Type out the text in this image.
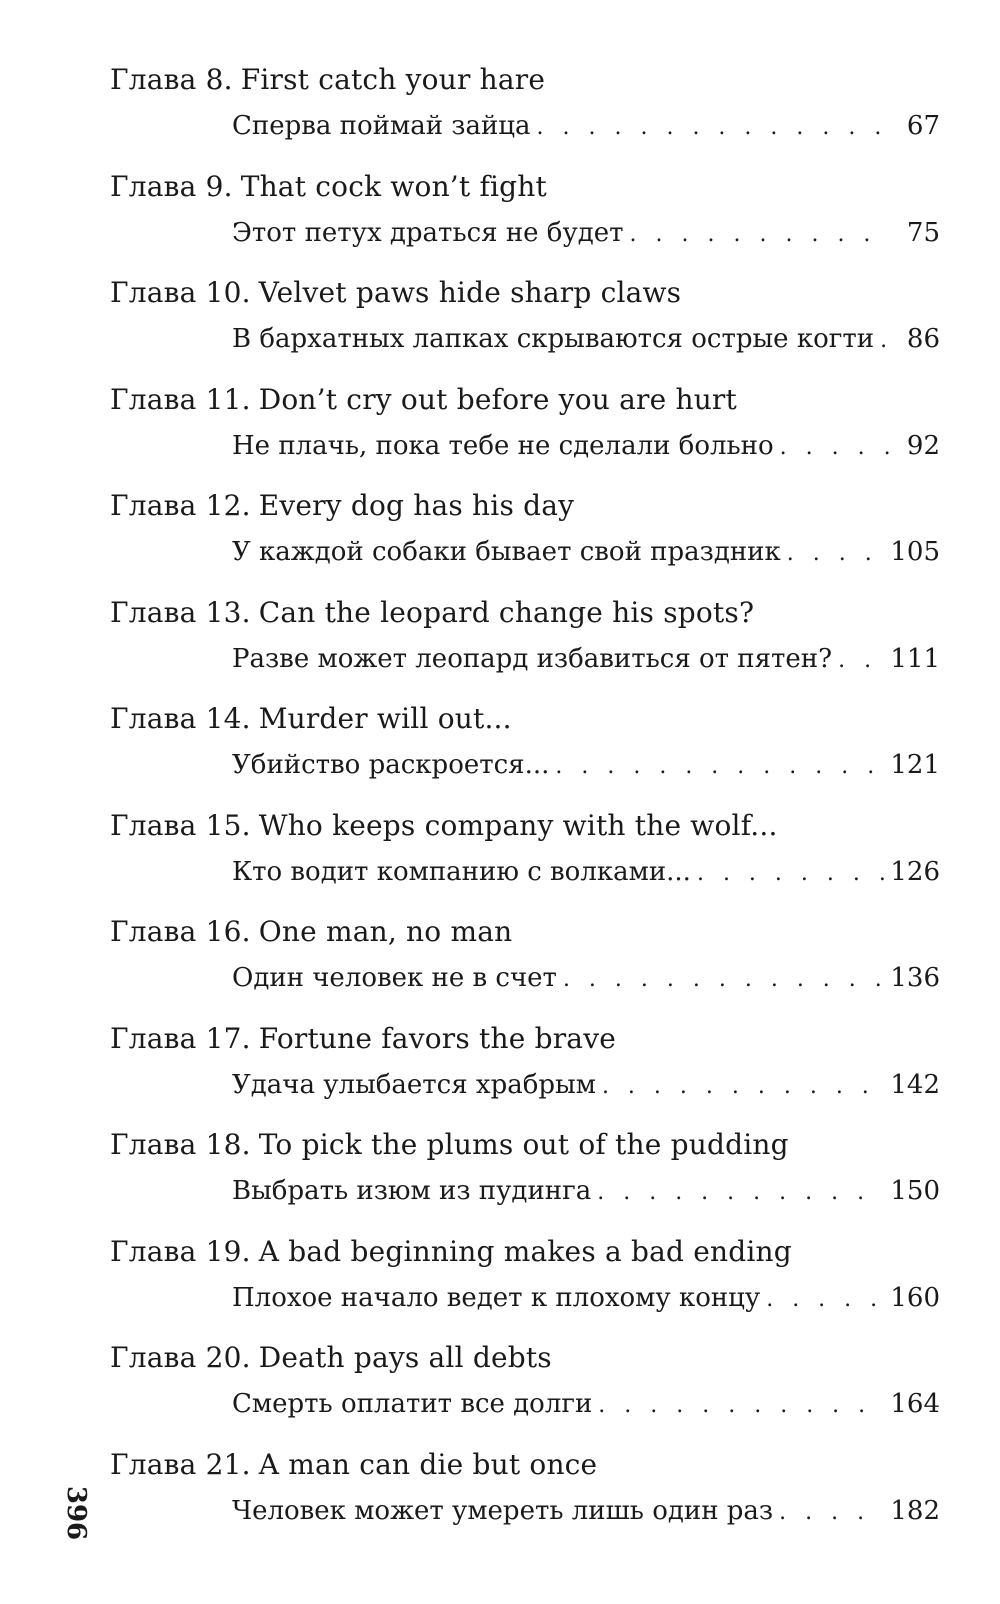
Глава 8. First catch your hare
Сперва поймай зайца . . .	67
Глава 9. That cock won’t fight
Этот петух драться не будет . . .	75
Глава 10. Velvet paws hide sharp claws
В бархатных лапках скрываются острые когти . . .	86
Глава 11. Don’t cry out before you are hurt
Не плачь, пока тебе не сделали больно . . .	92
Глава 12. Every dog has his day
У каждой собаки бывает свой праздник . . .	105
Глава 13. Can the leopard change his spots?
Разве может леопард избавиться от пятен? . . . 111
Глава 14. Murder will out...
Убийство раскроется... . . .	121
Глава 15. Who keeps company with the wolf...
Кто водит компанию с волками... . . .	126
Глава 16. One man, no man
Один человек не в счет . . .	136
Глава 17. Fortune favors the brave
Удача улыбается храбрым . . .	142
Глава 18. To pick the plums out of the pudding
Выбрать изюм из пудинга . . .	150
Глава 19. A bad beginning makes a bad ending
Плохое начало ведет к плохому концу . . .	160
Глава 20. Death pays all debts
Смерть оплатит все долги . . .	164
Глава 21. A man can die but once
Человек может умереть лишь один раз . . .	182
396
